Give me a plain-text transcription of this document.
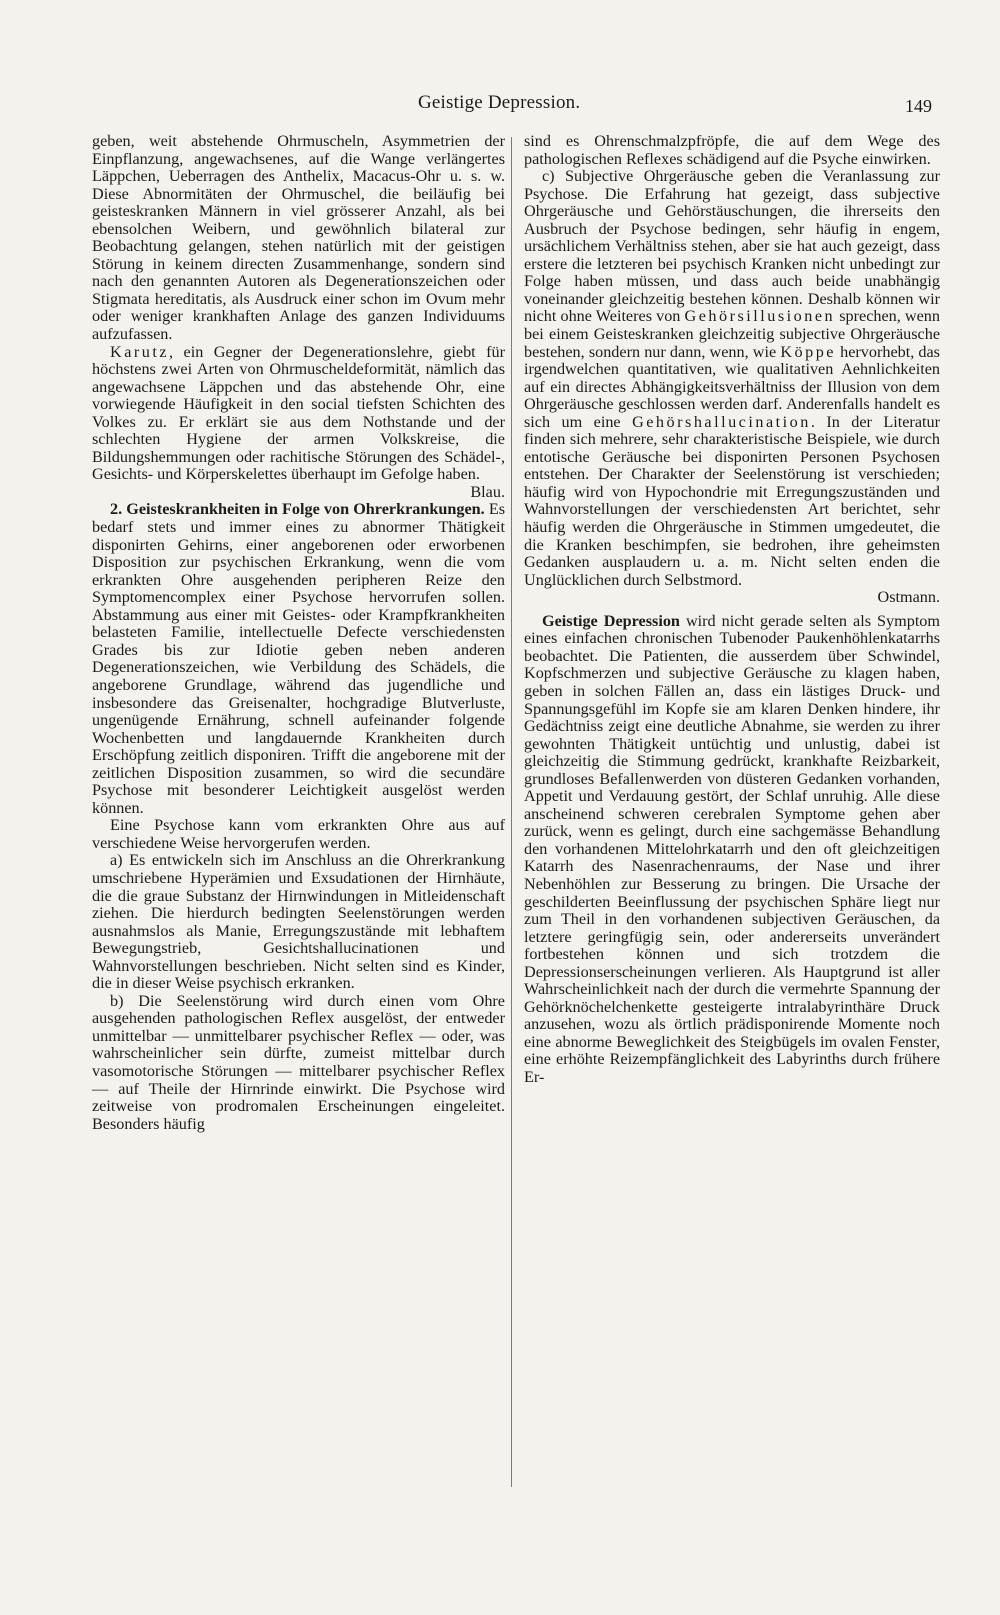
Geistige Depression.	149

geben, weit abstehende Ohrmuscheln, Asymmetrien der Einpflanzung, angewachsenes, auf die Wange verlängertes Läppchen, Ueberragen des Anthelix, Macacus-Ohr u. s. w. Diese Abnormitäten der Ohrmuschel, die beiläufig bei geisteskranken Männern in viel grösserer Anzahl, als bei ebensolchen Weibern, und gewöhnlich bilateral zur Beobachtung gelangen, stehen natürlich mit der geistigen Störung in keinem directen Zusammenhange, sondern sind nach den genannten Autoren als Degenerationszeichen oder Stigmata hereditatis, als Ausdruck einer schon im Ovum mehr oder weniger krankhaften Anlage des ganzen Individuums aufzufassen.

Karutz, ein Gegner der Degenerationslehre, giebt für höchstens zwei Arten von Ohrmuscheldeformität, nämlich das angewachsene Läppchen und das abstehende Ohr, eine vorwiegende Häufigkeit in den social tiefsten Schichten des Volkes zu. Er erklärt sie aus dem Nothstande und der schlechten Hygiene der armen Volkskreise, die Bildungshemmungen oder rachitische Störungen des Schädel-, Gesichts- und Körperskelettes überhaupt im Gefolge haben.

Blau.

2. Geisteskrankheiten in Folge von Ohrerkrankungen. Es bedarf stets und immer eines zu abnormer Thätigkeit disponirten Gehirns, einer angeborenen oder erworbenen Disposition zur psychischen Erkrankung, wenn die vom erkrankten Ohre ausgehenden peripheren Reize den Symptomencomplex einer Psychose hervorrufen sollen. Abstammung aus einer mit Geistes- oder Krampfkrankheiten belasteten Familie, intellectuelle Defecte verschiedensten Grades bis zur Idiotie geben neben anderen Degenerationszeichen, wie Verbildung des Schädels, die angeborene Grundlage, während das jugendliche und insbesondere das Greisenalter, hochgradige Blutverluste, ungenügende Ernährung, schnell aufeinander folgende Wochenbetten und langdauernde Krankheiten durch Erschöpfung zeitlich disponiren. Trifft die angeborene mit der zeitlichen Disposition zusammen, so wird die secundäre Psychose mit besonderer Leichtigkeit ausgelöst werden können.

Eine Psychose kann vom erkrankten Ohre aus auf verschiedene Weise hervorgerufen werden.

a) Es entwickeln sich im Anschluss an die Ohrerkrankung umschriebene Hyperämien und Exsudationen der Hirnhäute, die die graue Substanz der Hirnwindungen in Mitleidenschaft ziehen. Die hierdurch bedingten Seelenstörungen werden ausnahmslos als Manie, Erregungszustände mit lebhaftem Bewegungstrieb, Gesichtshallucinationen und Wahnvorstellungen beschrieben. Nicht selten sind es Kinder, die in dieser Weise psychisch erkranken.

b) Die Seelenstörung wird durch einen vom Ohre ausgehenden pathologischen Reflex ausgelöst, der entweder unmittelbar — unmittelbarer psychischer Reflex — oder, was wahrscheinlicher sein dürfte, zumeist mittelbar durch vasomotorische Störungen — mittelbarer psychischer Reflex — auf Theile der Hirnrinde einwirkt. Die Psychose wird zeitweise von prodromalen Erscheinungen eingeleitet. Besonders häufig

sind es Ohrenschmalzpfröpfe, die auf dem Wege des pathologischen Reflexes schädigend auf die Psyche einwirken.

c) Subjective Ohrgeräusche geben die Veranlassung zur Psychose. Die Erfahrung hat gezeigt, dass subjective Ohrgeräusche und Gehörstäuschungen, die ihrerseits den Ausbruch der Psychose bedingen, sehr häufig in engem, ursächlichem Verhältniss stehen, aber sie hat auch gezeigt, dass erstere die letzteren bei psychisch Kranken nicht unbedingt zur Folge haben müssen, und dass auch beide unabhängig voneinander gleichzeitig bestehen können. Deshalb können wir nicht ohne Weiteres von Gehörsillusionen sprechen, wenn bei einem Geisteskranken gleichzeitig subjective Ohrgeräusche bestehen, sondern nur dann, wenn, wie Köppe hervorhebt, das irgendwelchen quantitativen, wie qualitativen Aehnlichkeiten auf ein directes Abhängigkeitsverhältniss der Illusion von dem Ohrgeräusche geschlossen werden darf. Anderenfalls handelt es sich um eine Gehörshallucination. In der Literatur finden sich mehrere, sehr charakteristische Beispiele, wie durch entotische Geräusche bei disponirten Personen Psychosen entstehen. Der Charakter der Seelenstörung ist verschieden; häufig wird von Hypochondrie mit Erregungszuständen und Wahnvorstellungen der verschiedensten Art berichtet, sehr häufig werden die Ohrgeräusche in Stimmen umgedeutet, die die Kranken beschimpfen, sie bedrohen, ihre geheimsten Gedanken ausplaudern u. a. m. Nicht selten enden die Unglücklichen durch Selbstmord.

Ostmann.

Geistige Depression wird nicht gerade selten als Symptom eines einfachen chronischen Tubenoder Paukenhöhlenkatarrhs beobachtet. Die Patienten, die ausserdem über Schwindel, Kopfschmerzen und subjective Geräusche zu klagen haben, geben in solchen Fällen an, dass ein lästiges Druck- und Spannungsgefühl im Kopfe sie am klaren Denken hindere, ihr Gedächtniss zeigt eine deutliche Abnahme, sie werden zu ihrer gewohnten Thätigkeit untüchtig und unlustig, dabei ist gleichzeitig die Stimmung gedrückt, krankhafte Reizbarkeit, grundloses Befallenwerden von düsteren Gedanken vorhanden, Appetit und Verdauung gestört, der Schlaf unruhig. Alle diese anscheinend schweren cerebralen Symptome gehen aber zurück, wenn es gelingt, durch eine sachgemässe Behandlung den vorhandenen Mittelohrkatarrh und den oft gleichzeitigen Katarrh des Nasenrachenraums, der Nase und ihrer Nebenhöhlen zur Besserung zu bringen. Die Ursache der geschilderten Beeinflussung der psychischen Sphäre liegt nur zum Theil in den vorhandenen subjectiven Geräuschen, da letztere geringfügig sein, oder andererseits unverändert fortbestehen können und sich trotzdem die Depressionserscheinungen verlieren. Als Hauptgrund ist aller Wahrscheinlichkeit nach der durch die vermehrte Spannung der Gehörknöchelchenkette gesteigerte intralabyrinthäre Druck anzusehen, wozu als örtlich prädisponirende Momente noch eine abnorme Beweglichkeit des Steigbügels im ovalen Fenster, eine erhöhte Reizempfänglichkeit des Labyrinths durch frühere Er-
